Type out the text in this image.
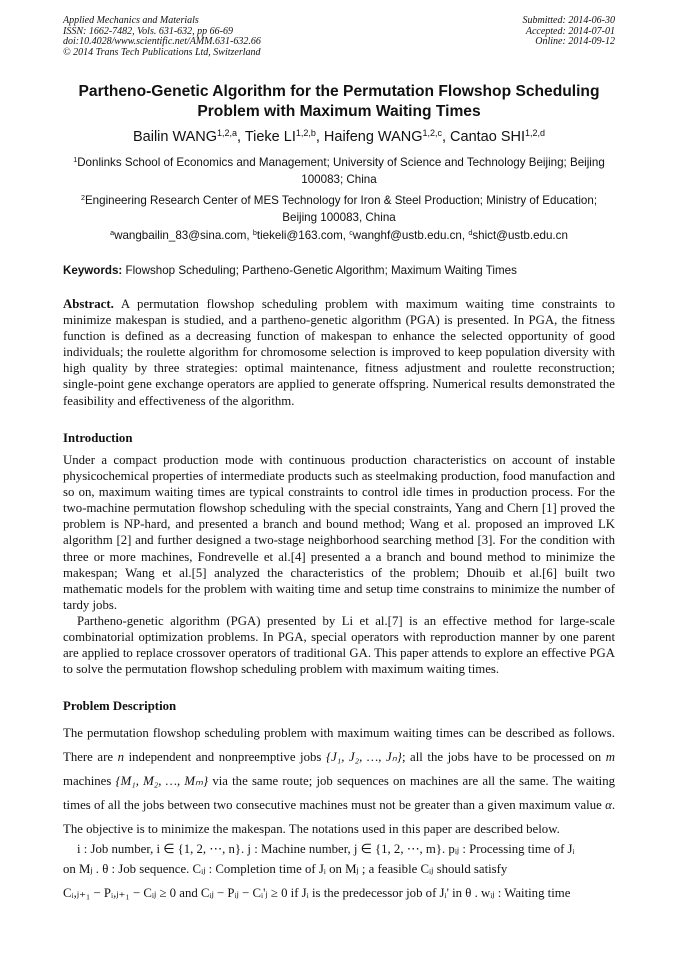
Applied Mechanics and Materials
ISSN: 1662-7482, Vols. 631-632, pp 66-69
doi:10.4028/www.scientific.net/AMM.631-632.66
© 2014 Trans Tech Publications Ltd, Switzerland
Submitted: 2014-06-30
Accepted: 2014-07-01
Online: 2014-09-12
Partheno-Genetic Algorithm for the Permutation Flowshop Scheduling
Problem with Maximum Waiting Times
Bailin WANG$^{1,2,a}$, Tieke LI$^{1,2,b}$, Haifeng WANG$^{1,2,c}$, Cantao SHI$^{1,2,d}$
$^1$Donlinks School of Economics and Management; University of Science and Technology Beijing; Beijing 100083; China
$^2$Engineering Research Center of MES Technology for Iron & Steel Production; Ministry of Education; Beijing 100083, China
$^a$wangbailin_83@sina.com, $^b$tiekeli@163.com, $^c$wanghf@ustb.edu.cn, $^d$shict@ustb.edu.cn
Keywords: Flowshop Scheduling; Partheno-Genetic Algorithm; Maximum Waiting Times
Abstract. A permutation flowshop scheduling problem with maximum waiting time constraints to minimize makespan is studied, and a partheno-genetic algorithm (PGA) is presented. In PGA, the fitness function is defined as a decreasing function of makespan to enhance the selected opportunity of good individuals; the roulette algorithm for chromosome selection is improved to keep population diversity with high quality by three strategies: optimal maintenance, fitness adjustment and roulette reconstruction; single-point gene exchange operators are applied to generate offspring. Numerical results demonstrated the feasibility and effectiveness of the algorithm.
Introduction

Under a compact production mode with continuous production characteristics on account of instable physicochemical properties of intermediate products such as steelmaking production, food manufaction and so on, maximum waiting times are typical constraints to control idle times in production process. For the two-machine permutation flowshop scheduling with the special constraints, Yang and Chern [1] proved the problem is NP-hard, and presented a branch and bound method; Wang et al. proposed an improved LK algorithm [2] and further designed a two-stage neighborhood searching method [3]. For the condition with three or more machines, Fondrevelle et al.[4] presented a a branch and bound method to minimize the makespan; Wang et al.[5] analyzed the characteristics of the problem; Dhouib et al.[6] built two mathematic models for the problem with waiting time and setup time constrains to minimize the number of tardy jobs.

Partheno-genetic algorithm (PGA) presented by Li et al.[7] is an effective method for large-scale combinatorial optimization problems. In PGA, special operators with reproduction manner by one parent are applied to replace crossover operators of traditional GA. This paper attends to explore an effective PGA to solve the permutation flowshop scheduling problem with maximum waiting times.

Problem Description

The permutation flowshop scheduling problem with maximum waiting times can be described as follows. There are n independent and nonpreemptive jobs {J₁, J₂, …, Jₙ}; all the jobs have to be processed on m machines {M₁, M₂, …, Mₘ} via the same route; job sequences on machines are all the same. The waiting times of all the jobs between two consecutive machines must not be greater than a given maximum value α. The objective is to minimize the makespan. The notations used in this paper are described below.

i : Job number, i ∈ {1, 2, ⋯, n}. j : Machine number, j ∈ {1, 2, ⋯, m}. pᵢⱼ : Processing time of Jᵢ

on Mⱼ . θ : Job sequence. Cᵢⱼ : Completion time of Jᵢ on Mⱼ ; a feasible Cᵢⱼ should satisfy

Cᵢ,ⱼ₊₁ − Pᵢ,ⱼ₊₁ − Cᵢⱼ ≥ 0 and Cᵢⱼ − Pᵢⱼ − Cᵢ'ⱼ ≥ 0 if Jᵢ is the predecessor job of Jᵢ' in θ . wᵢⱼ : Waiting time
